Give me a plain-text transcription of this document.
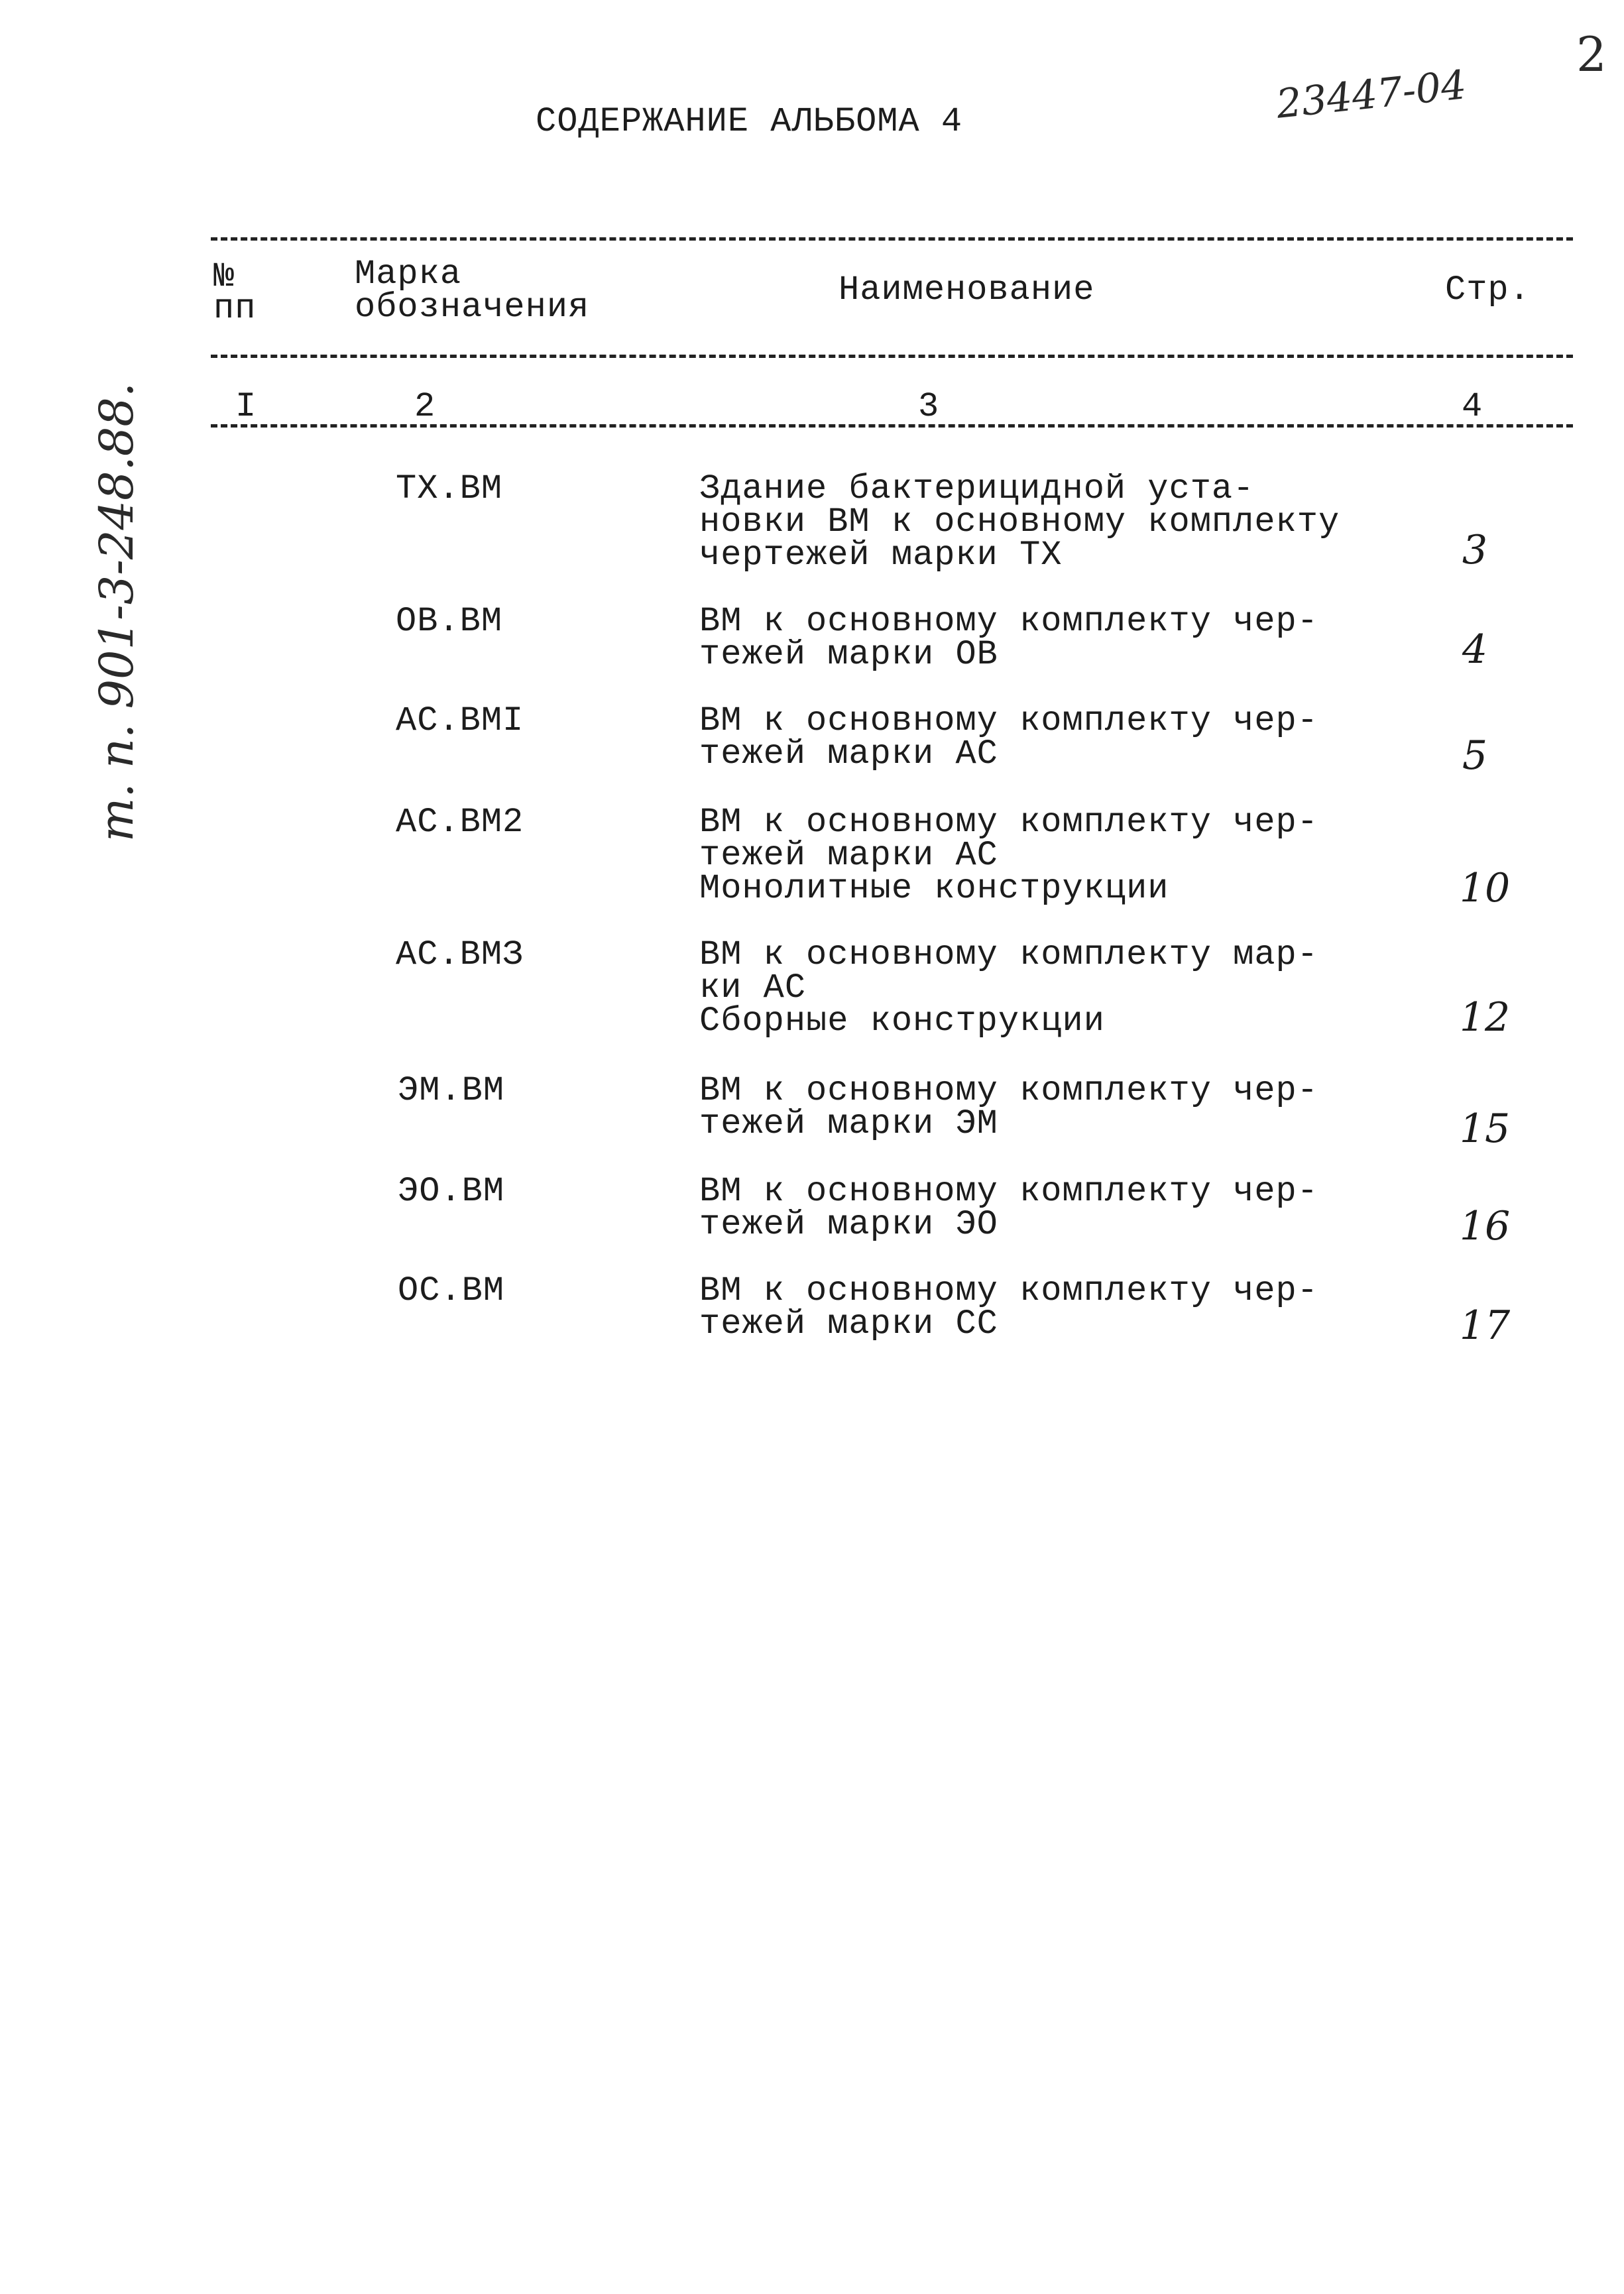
2
23447-04
т. п. 901-3-248.88.
СОДЕРЖАНИЕ АЛЬБОМА 4
№
пп
Марка
обозначения	Наименование	Стр.
I	2	3	4
ТХ.ВМ	Здание бактерицидной уста-
новки ВМ к основному комплекту
чертежей марки ТХ	3
ОВ.ВМ	ВМ к основному комплекту чер-
тежей марки ОВ	4
АС.ВМI	ВМ к основному комплекту чер-
тежей марки АС	5
АС.ВМ2	ВМ к основному комплекту чер-
тежей марки АС
Монолитные конструкции	10
АС.ВМЗ	ВМ к основному комплекту мар-
ки АС
Сборные конструкции	12
ЭМ.ВМ	ВМ к основному комплекту чер-
тежей марки ЭМ	15
ЭО.ВМ	ВМ к основному комплекту чер-
тежей марки ЭО	16
ОС.ВМ	ВМ к основному комплекту чер-
тежей марки СС	17
